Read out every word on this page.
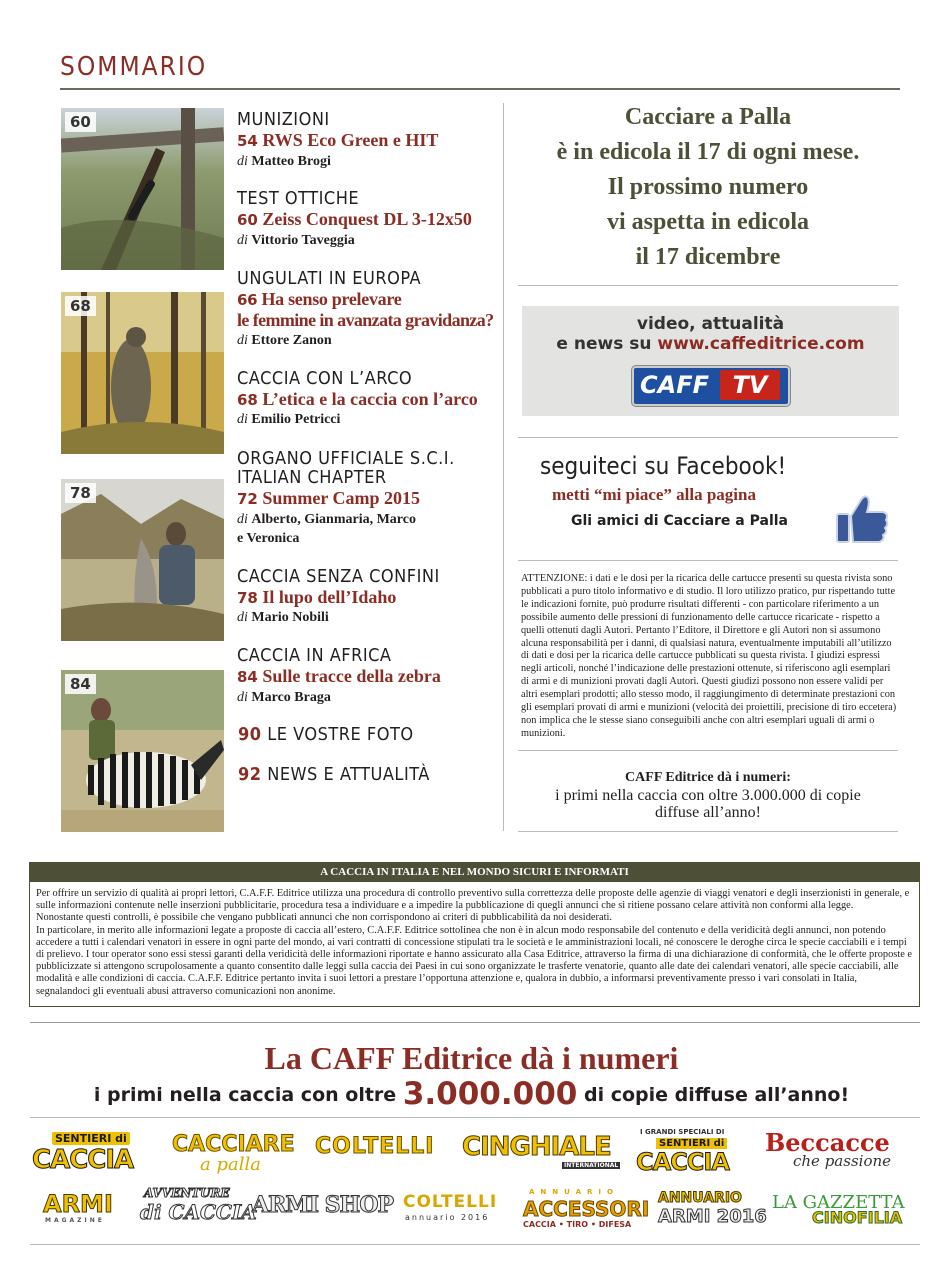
SOMMARIO
60
68
78
84
MUNIZIONI
54 RWS Eco Green e HIT
di Matteo Brogi
TEST OTTICHE
60 Zeiss Conquest DL 3-12x50
di Vittorio Taveggia
UNGULATI IN EUROPA
66 Ha senso prelevare
le femmine in avanzata gravidanza?
di Ettore Zanon
CACCIA CON L’ARCO
68 L’etica e la caccia con l’arco
di Emilio Petricci
ORGANO UFFICIALE S.C.I.
ITALIAN CHAPTER
72 Summer Camp 2015
di Alberto, Gianmaria, Marco
e Veronica
CACCIA SENZA CONFINI
78 Il lupo dell’Idaho
di Mario Nobili
CACCIA IN AFRICA
84 Sulle tracce della zebra
di Marco Braga
90 LE VOSTRE FOTO
92 NEWS E ATTUALITÀ
Cacciare a Palla
è in edicola il 17 di ogni mese.
Il prossimo numero
vi aspetta in edicola
il 17 dicembre
video, attualità
e news su www.caffeditrice.com
CAFF TV
seguiteci su Facebook!
metti “mi piace” alla pagina
Gli amici di Cacciare a Palla
ATTENZIONE: i dati e le dosi per la ricarica delle cartucce presenti su questa rivista sono pubblicati a puro titolo informativo e di studio. Il loro utilizzo pratico, pur rispettando tutte le indicazioni fornite, può produrre risultati differenti - con particolare riferimento a un possibile aumento delle pressioni di funzionamento delle cartucce ricaricate - rispetto a quelli ottenuti dagli Autori. Pertanto l’Editore, il Direttore e gli Autori non si assumono alcuna responsabilità per i danni, di qualsiasi natura, eventualmente imputabili all’utilizzo di dati e dosi per la ricarica delle cartucce pubblicati su questa rivista. I giudizi espressi negli articoli, nonché l’indicazione delle prestazioni ottenute, si riferiscono agli esemplari di armi e di munizioni provati dagli Autori. Questi giudizi possono non essere validi per altri esemplari prodotti; allo stesso modo, il raggiungimento di determinate prestazioni con gli esemplari provati di armi e munizioni (velocità dei proiettili, precisione di tiro eccetera) non implica che le stesse siano conseguibili anche con altri esemplari uguali di armi o munizioni.
CAFF Editrice dà i numeri:
i primi nella caccia con oltre 3.000.000 di copie
diffuse all’anno!
A CACCIA IN ITALIA E NEL MONDO SICURI E INFORMATI
Per offrire un servizio di qualità ai propri lettori, C.A.F.F. Editrice utilizza una procedura di controllo preventivo sulla correttezza delle proposte delle agenzie di viaggi venatori e degli inserzionisti in generale, e sulle informazioni contenute nelle inserzioni pubblicitarie, procedura tesa a individuare e a impedire la pubblicazione di quegli annunci che si ritiene possano celare attività non conformi alla legge.
Nonostante questi controlli, è possibile che vengano pubblicati annunci che non corrispondono ai criteri di pubblicabilità da noi desiderati.
In particolare, in merito alle informazioni legate a proposte di caccia all’estero, C.A.F.F. Editrice sottolinea che non è in alcun modo responsabile del contenuto e della veridicità degli annunci, non potendo accedere a tutti i calendari venatori in essere in ogni parte del mondo, ai vari contratti di concessione stipulati tra le società e le amministrazioni locali, né conoscere le deroghe circa le specie cacciabili e i tempi di prelievo. I tour operator sono essi stessi garanti della veridicità delle informazioni riportate e hanno assicurato alla Casa Editrice, attraverso la firma di una dichiarazione di conformità, che le offerte proposte e pubblicizzate si attengono scrupolosamente a quanto consentito dalle leggi sulla caccia dei Paesi in cui sono organizzate le trasferte venatorie, quanto alle date dei calendari venatori, alle specie cacciabili, alle modalità e alle condizioni di caccia. C.A.F.F. Editrice pertanto invita i suoi lettori a prestare l’opportuna attenzione e, qualora in dubbio, a informarsi preventivamente presso i vari consolati in Italia, segnalandoci gli eventuali abusi attraverso comunicazioni non anonime.
La CAFF Editrice dà i numeri
i primi nella caccia con oltre 3.000.000 di copie diffuse all’anno!
SENTIERI di
CACCIA
CACCIARE
a palla
COLTELLI CINGHIALE
INTERNATIONAL
I GRANDI SPECIALI DI
SENTIERI di
CACCIA
Beccacce
che passione
ARMI
MAGAZINE
AVVENTURE
di CACCIA
ARMI SHOP COLTELLI
annuario 2016
ANNUARIO
ACCESSORI
CACCIA • TIRO • DIFESA
ANNUARIO
ARMI 2016
LA GAZZETTA
CINOFILIA
